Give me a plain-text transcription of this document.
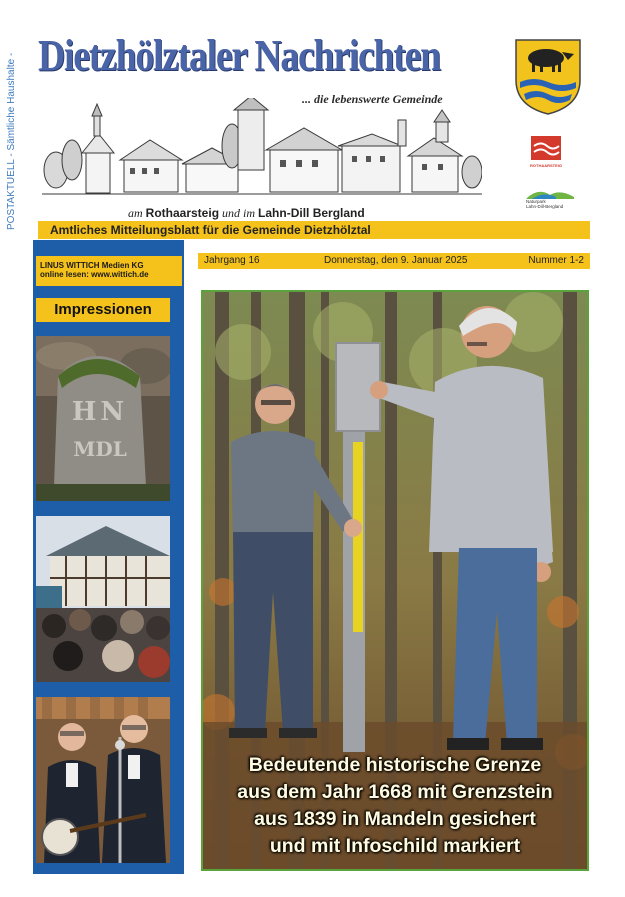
POSTAKTUELL - Sämtliche Haushalte - Dietzhölztaler Nachrichten
... die lebenswerte Gemeinde
ROTHAARSTEIG
Naturpark
Lahn-Dill-Bergland
am Rothaarsteig und im Lahn-Dill Bergland
Amtliches Mitteilungsblatt für die Gemeinde Dietzhölztal
LINUS WITTICH Medien KG
online lesen: www.wittich.de
Impressionen
HN
MDL
Jahrgang 16	Donnerstag, den 9. Januar 2025	Nummer 1-2
Bedeutende historische Grenze
aus dem Jahr 1668 mit Grenzstein
aus 1839 in Mandeln gesichert
und mit Infoschild markiert
